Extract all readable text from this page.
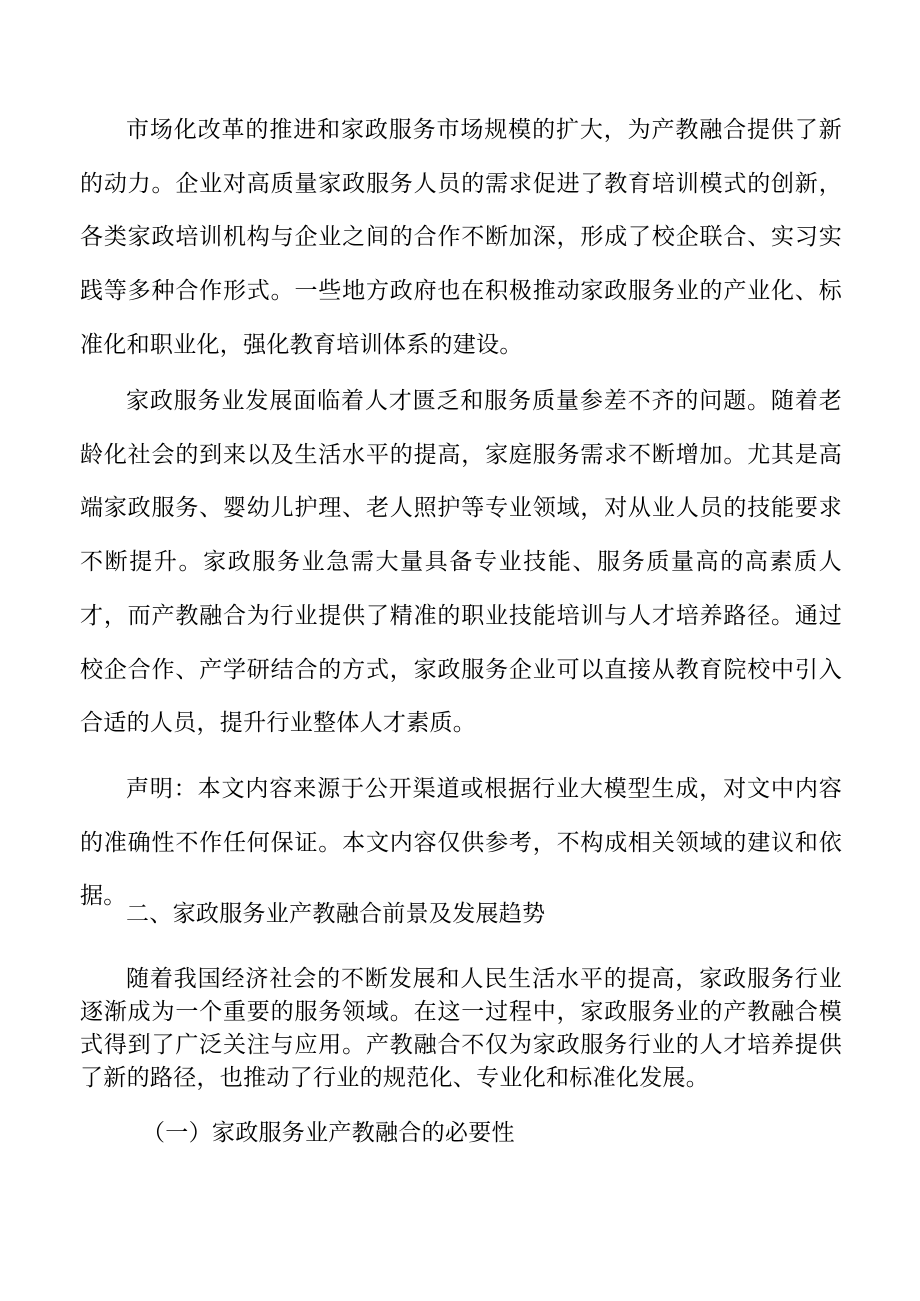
市场化改革的推进和家政服务市场规模的扩大，为产教融合提供了新的动力。企业对高质量家政服务人员的需求促进了教育培训模式的创新，各类家政培训机构与企业之间的合作不断加深，形成了校企联合、实习实践等多种合作形式。一些地方政府也在积极推动家政服务业的产业化、标准化和职业化，强化教育培训体系的建设。

家政服务业发展面临着人才匮乏和服务质量参差不齐的问题。随着老龄化社会的到来以及生活水平的提高，家庭服务需求不断增加。尤其是高端家政服务、婴幼儿护理、老人照护等专业领域，对从业人员的技能要求不断提升。家政服务业急需大量具备专业技能、服务质量高的高素质人才，而产教融合为行业提供了精准的职业技能培训与人才培养路径。通过校企合作、产学研结合的方式，家政服务企业可以直接从教育院校中引入合适的人员，提升行业整体人才素质。

声明：本文内容来源于公开渠道或根据行业大模型生成，对文中内容的准确性不作任何保证。本文内容仅供参考，不构成相关领域的建议和依据。

二、家政服务业产教融合前景及发展趋势

随着我国经济社会的不断发展和人民生活水平的提高，家政服务行业逐渐成为一个重要的服务领域。在这一过程中，家政服务业的产教融合模式得到了广泛关注与应用。产教融合不仅为家政服务行业的人才培养提供了新的路径，也推动了行业的规范化、专业化和标准化发展。

（一）家政服务业产教融合的必要性
